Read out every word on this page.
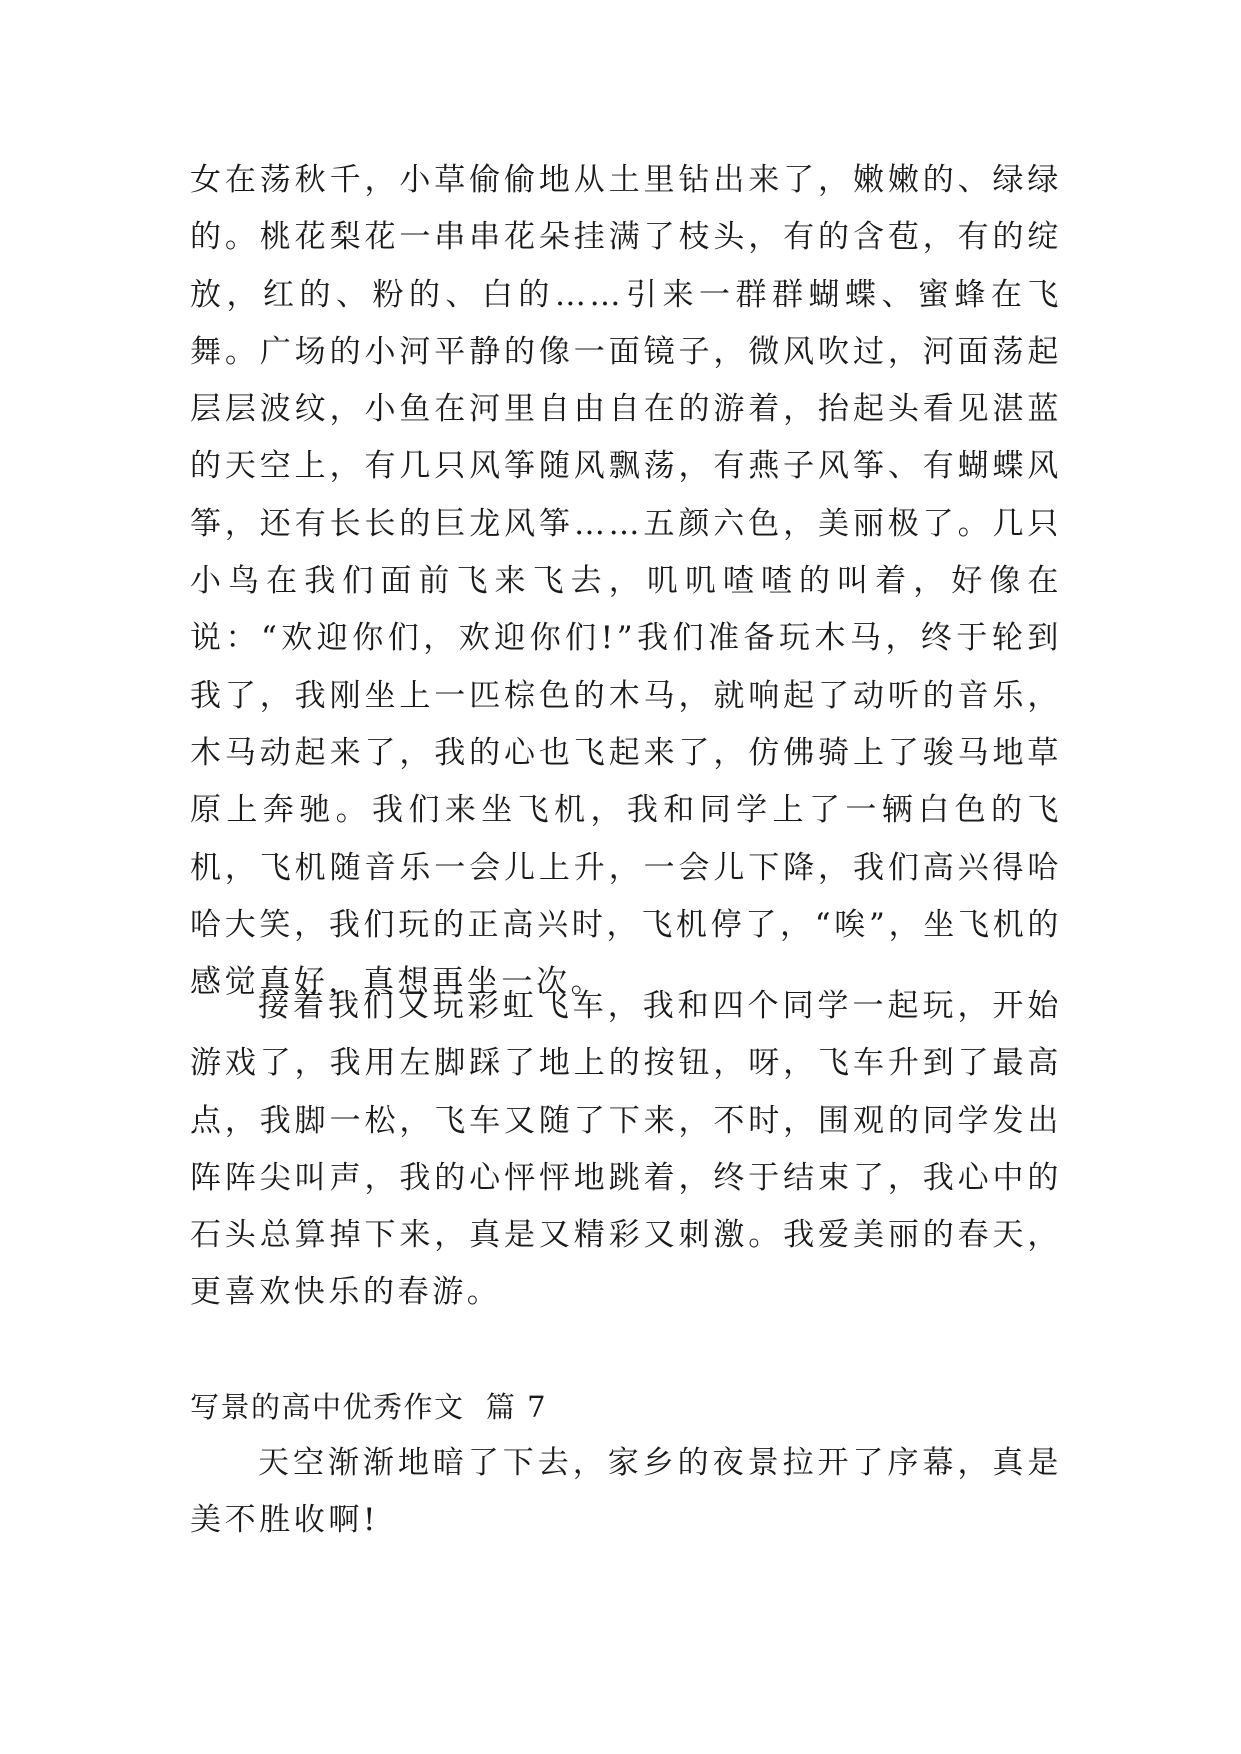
女在荡秋千，小草偷偷地从土里钻出来了，嫩嫩的、绿绿的。桃花梨花一串串花朵挂满了枝头，有的含苞，有的绽放，红的、粉的、白的……引来一群群蝴蝶、蜜蜂在飞舞。广场的小河平静的像一面镜子，微风吹过，河面荡起层层波纹，小鱼在河里自由自在的游着，抬起头看见湛蓝的天空上，有几只风筝随风飘荡，有燕子风筝、有蝴蝶风筝，还有长长的巨龙风筝……五颜六色，美丽极了。几只小鸟在我们面前飞来飞去，叽叽喳喳的叫着，好像在说：“欢迎你们，欢迎你们!”我们准备玩木马，终于轮到我了，我刚坐上一匹棕色的木马，就响起了动听的音乐，木马动起来了，我的心也飞起来了，仿佛骑上了骏马地草原上奔驰。我们来坐飞机，我和同学上了一辆白色的飞机，飞机随音乐一会儿上升，一会儿下降，我们高兴得哈哈大笑，我们玩的正高兴时，飞机停了，“唉”，坐飞机的感觉真好，真想再坐一次。

接着我们又玩彩虹飞车，我和四个同学一起玩，开始游戏了，我用左脚踩了地上的按钮，呀，飞车升到了最高点，我脚一松，飞车又随了下来，不时，围观的同学发出阵阵尖叫声，我的心怦怦地跳着，终于结束了，我心中的石头总算掉下来，真是又精彩又刺激。我爱美丽的春天，更喜欢快乐的春游。

写景的高中优秀作文  篇 7

天空渐渐地暗了下去，家乡的夜景拉开了序幕，真是美不胜收啊!
